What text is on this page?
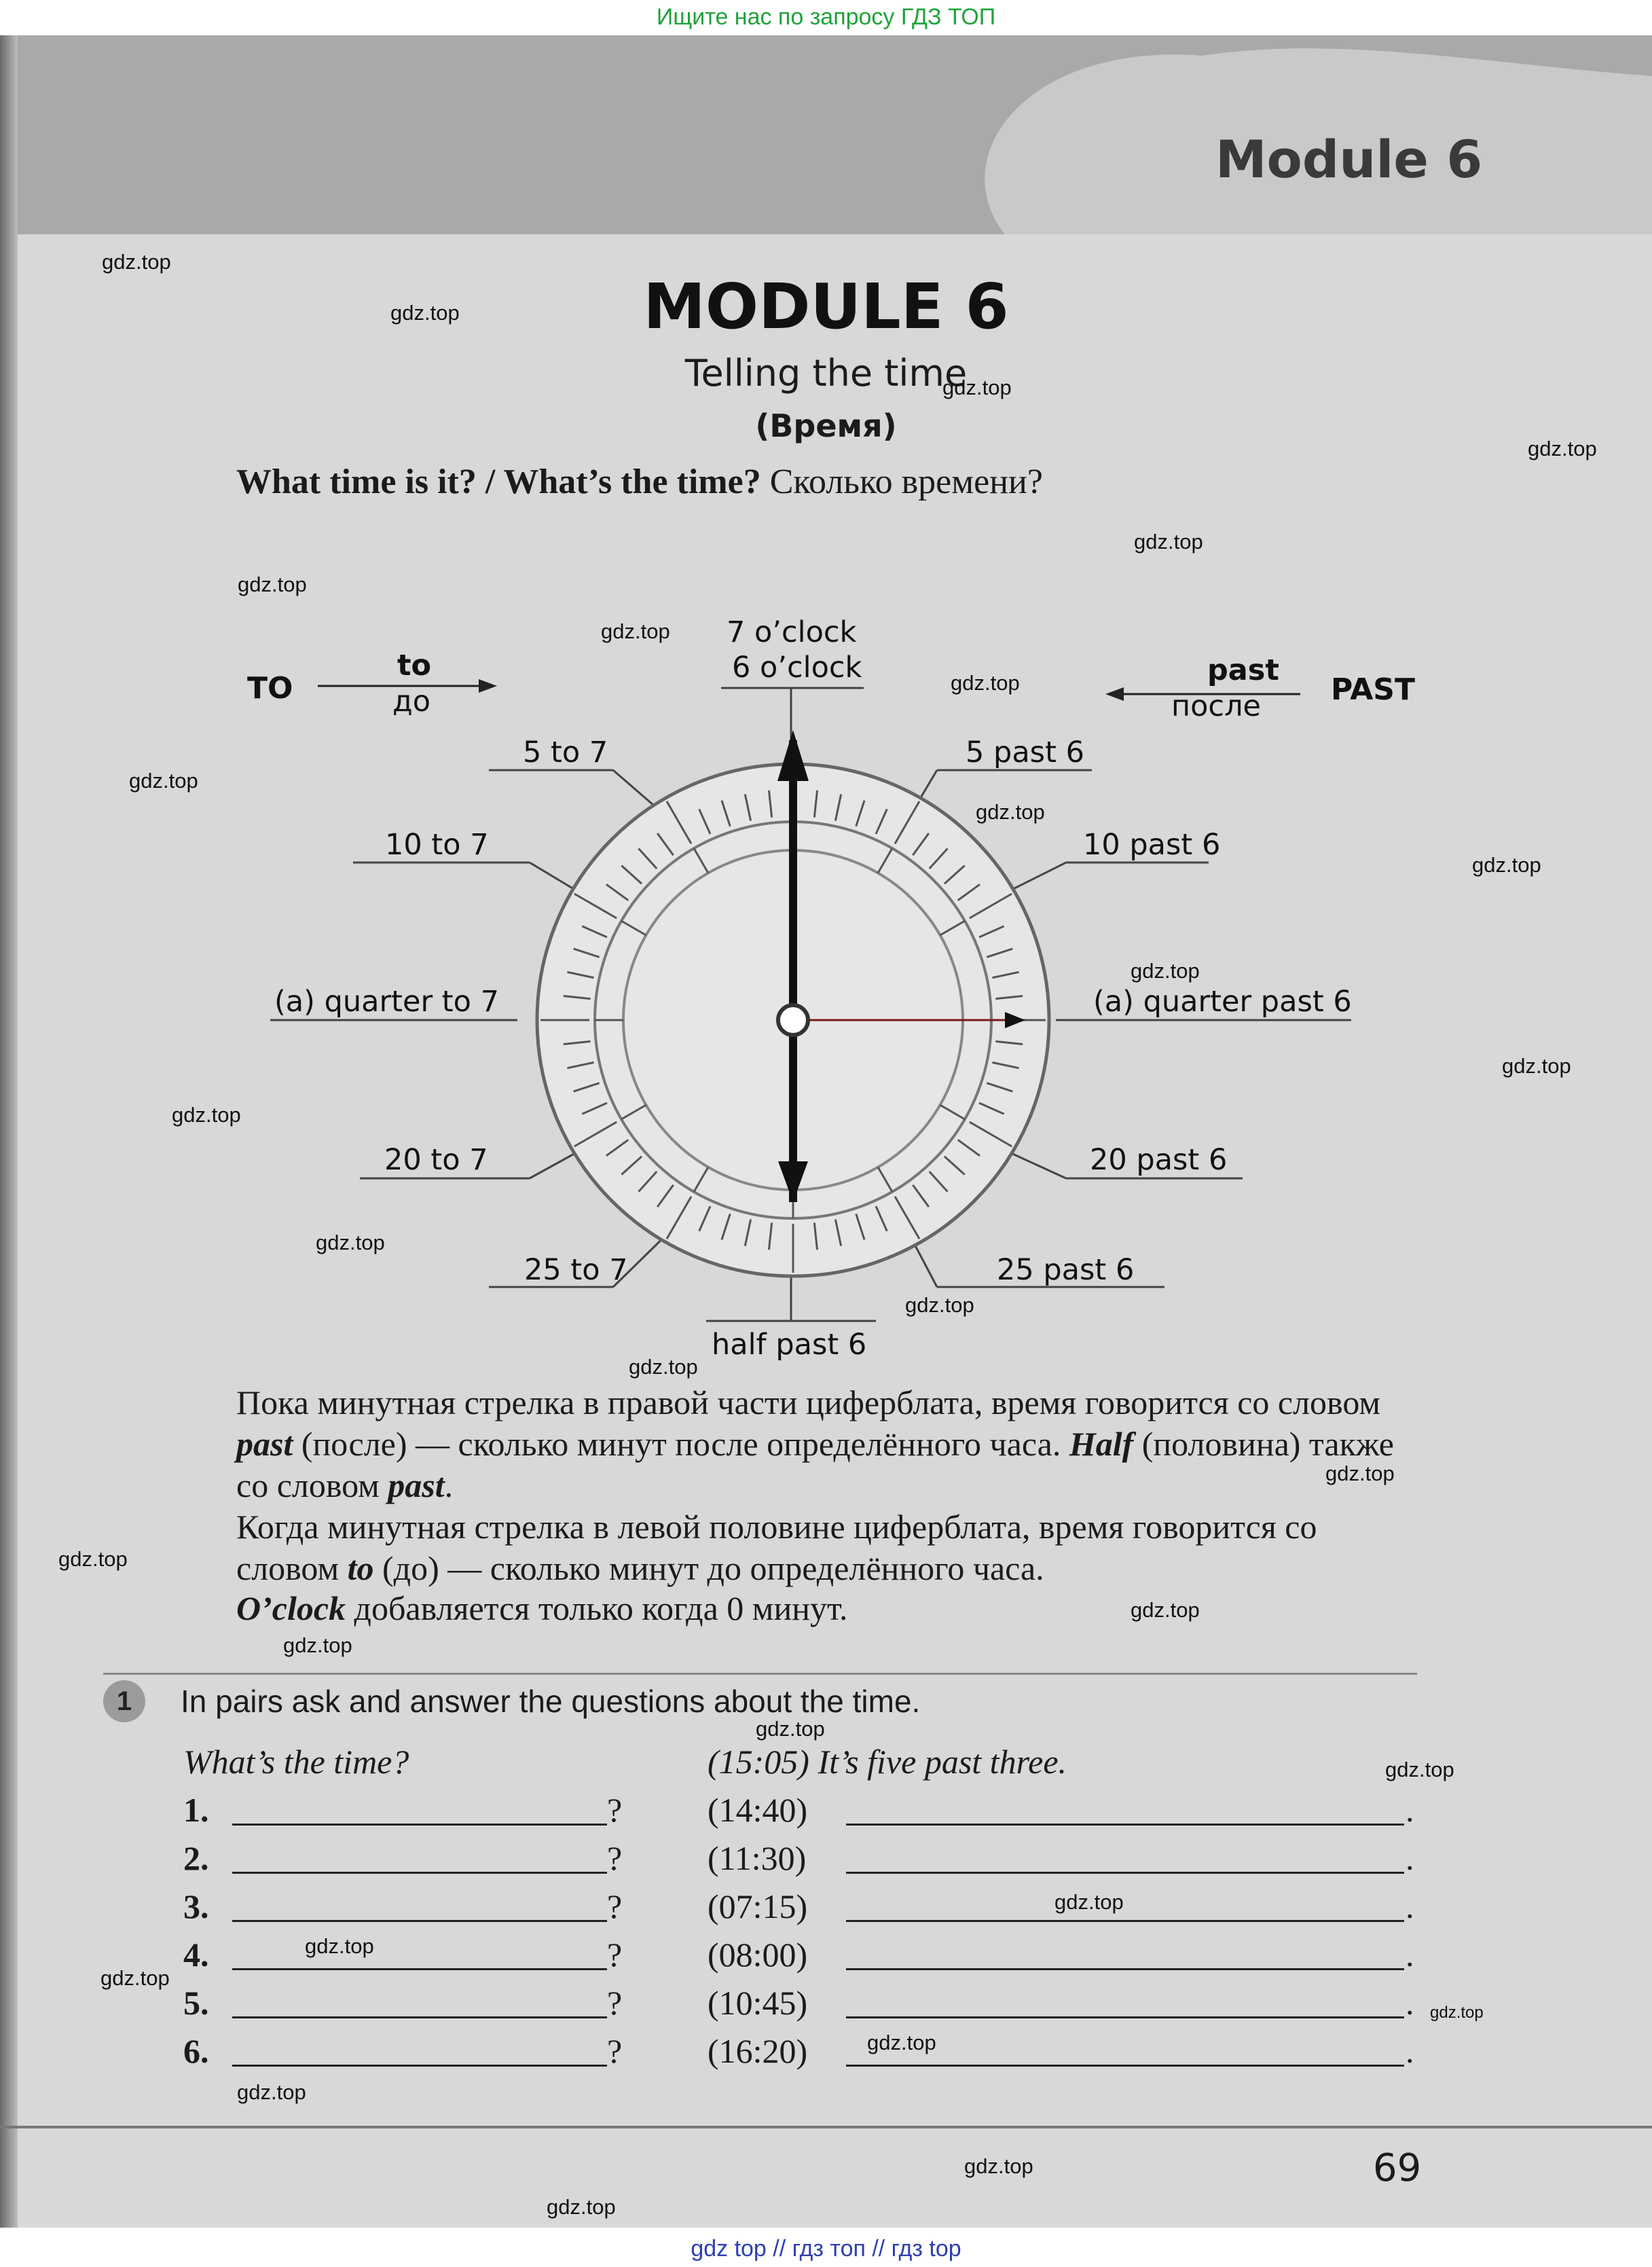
Ищите нас по запросу ГДЗ ТОП
Module 6
MODULE 6
Telling the time
(Время)
What time is it? / What’s the time? Сколько времени?
TO
to
до
past
после PAST
7 o’clock
6 o’clock
half past 6
5 to 7
10 to 7
(a) quarter to 7
20 to 7
25 to 7
5 past 6
10 past 6
(a) quarter past 6
20 past 6
25 past 6
Пока минутная стрелка в правой части циферблата, время говорится со словом past (после) — сколько минут после определённого часа. Half (половина) также со словом past.
Когда минутная стрелка в левой половине циферблата, время говорится со словом to (до) — сколько минут до определённого часа.
O’clock добавляется только когда 0 минут.
1	In pairs ask and answer the questions about the time.
What’s the time?	(15:05) It’s five past three.
1.	?	(14:40)	.
2.	?	(11:30)	.
3.	?	(07:15)	.
4.	?	(08:00)	.
5.	?	(10:45)	.
6.	?	(16:20)	.
69
gdz.top
gdz.top
gdz.top
gdz.top
gdz.top
gdz.top
gdz.top
gdz.top
gdz.top
gdz.top
gdz.top
gdz.top
gdz.top
gdz.top
gdz.top
gdz.top
gdz.top
gdz.top
gdz.top
gdz.top
gdz.top
gdz.top
gdz.top
gdz.top
gdz.top
gdz.top
gdz.top
gdz.top
gdz.top
gdz.top
gdz.top
gdz top // гдз топ // гдз top
